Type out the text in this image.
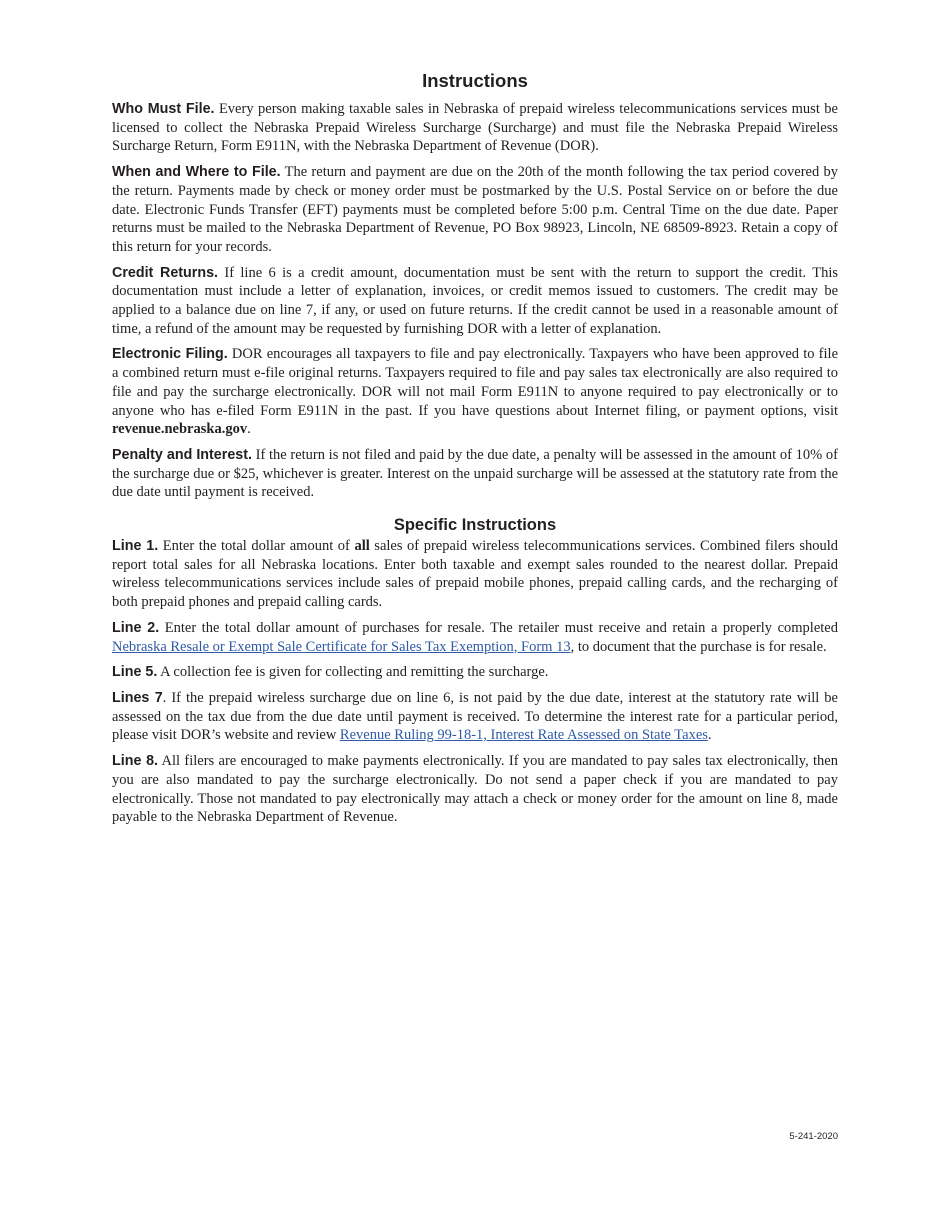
Instructions

Who Must File. Every person making taxable sales in Nebraska of prepaid wireless telecommunications services must be licensed to collect the Nebraska Prepaid Wireless Surcharge (Surcharge) and must file the Nebraska Prepaid Wireless Surcharge Return, Form E911N, with the Nebraska Department of Revenue (DOR).

When and Where to File. The return and payment are due on the 20th of the month following the tax period covered by the return. Payments made by check or money order must be postmarked by the U.S. Postal Service on or before the due date. Electronic Funds Transfer (EFT) payments must be completed before 5:00 p.m. Central Time on the due date. Paper returns must be mailed to the Nebraska Department of Revenue, PO Box 98923, Lincoln, NE 68509-8923. Retain a copy of this return for your records.

Credit Returns. If line 6 is a credit amount, documentation must be sent with the return to support the credit. This documentation must include a letter of explanation, invoices, or credit memos issued to customers. The credit may be applied to a balance due on line 7, if any, or used on future returns. If the credit cannot be used in a reasonable amount of time, a refund of the amount may be requested by furnishing DOR with a letter of explanation.

Electronic Filing. DOR encourages all taxpayers to file and pay electronically. Taxpayers who have been approved to file a combined return must e-file original returns. Taxpayers required to file and pay sales tax electronically are also required to file and pay the surcharge electronically. DOR will not mail Form E911N to anyone required to pay electronically or to anyone who has e-filed Form E911N in the past. If you have questions about Internet filing, or payment options, visit revenue.nebraska.gov.

Penalty and Interest. If the return is not filed and paid by the due date, a penalty will be assessed in the amount of 10% of the surcharge due or $25, whichever is greater. Interest on the unpaid surcharge will be assessed at the statutory rate from the due date until payment is received.

Specific Instructions

Line 1. Enter the total dollar amount of all sales of prepaid wireless telecommunications services. Combined filers should report total sales for all Nebraska locations. Enter both taxable and exempt sales rounded to the nearest dollar. Prepaid wireless telecommunications services include sales of prepaid mobile phones, prepaid calling cards, and the recharging of both prepaid phones and prepaid calling cards.

Line 2. Enter the total dollar amount of purchases for resale. The retailer must receive and retain a properly completed Nebraska Resale or Exempt Sale Certificate for Sales Tax Exemption, Form 13, to document that the purchase is for resale.

Line 5. A collection fee is given for collecting and remitting the surcharge.

Lines 7. If the prepaid wireless surcharge due on line 6, is not paid by the due date, interest at the statutory rate will be assessed on the tax due from the due date until payment is received. To determine the interest rate for a particular period, please visit DOR’s website and review Revenue Ruling 99-18-1, Interest Rate Assessed on State Taxes.

Line 8. All filers are encouraged to make payments electronically. If you are mandated to pay sales tax electronically, then you are also mandated to pay the surcharge electronically. Do not send a paper check if you are mandated to pay electronically. Those not mandated to pay electronically may attach a check or money order for the amount on line 8, made payable to the Nebraska Department of Revenue.

5-241-2020
